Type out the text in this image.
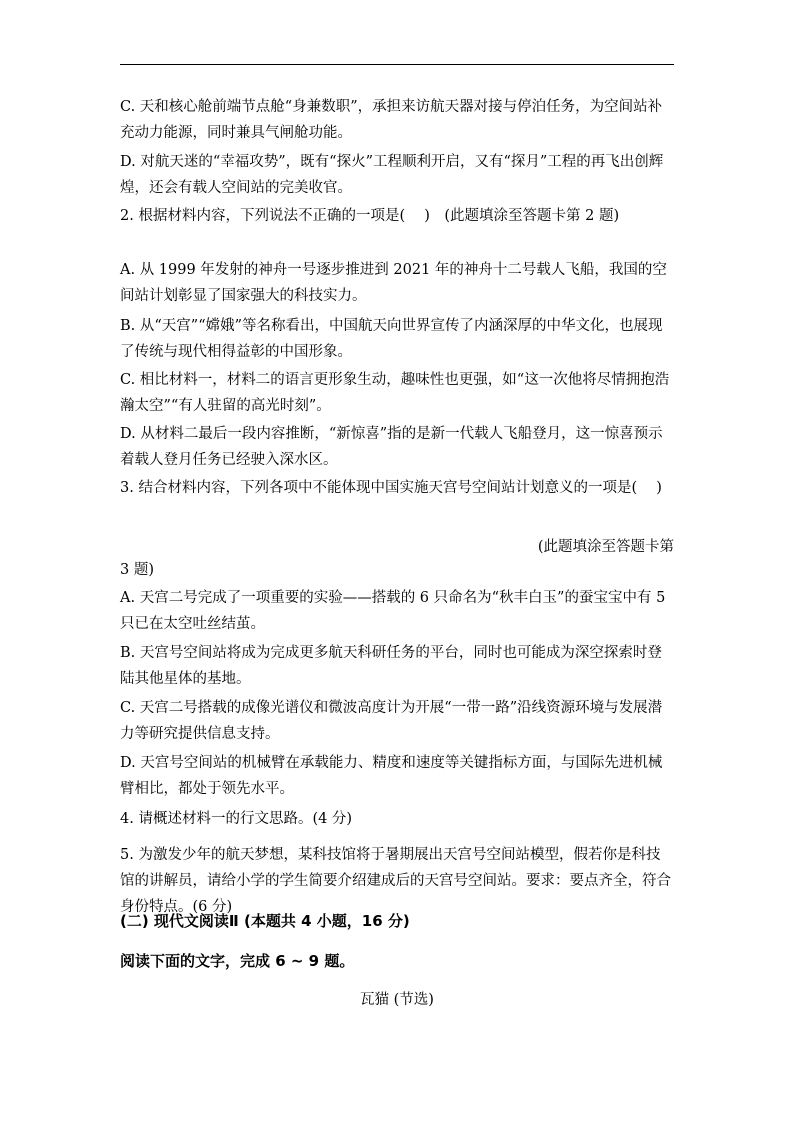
C. 天和核心舱前端节点舱“身兼数职”，承担来访航天器对接与停泊任务，为空间站补充动力能源，同时兼具气闸舱功能。

D. 对航天迷的“幸福攻势”，既有“探火”工程顺利开启，又有“探月”工程的再飞出创辉煌，还会有载人空间站的完美收官。

2. 根据材料内容，下列说法不正确的一项是(　 )　(此题填涂至答题卡第 2 题)

A. 从 1999 年发射的神舟一号逐步推进到 2021 年的神舟十二号载人飞船，我国的空间站计划彰显了国家强大的科技实力。

B. 从“天宫”“嫦娥”等名称看出，中国航天向世界宣传了内涵深厚的中华文化，也展现了传统与现代相得益彰的中国形象。

C. 相比材料一，材料二的语言更形象生动，趣味性也更强，如“这一次他将尽情拥抱浩瀚太空”“有人驻留的高光时刻”。

D. 从材料二最后一段内容推断，“新惊喜”指的是新一代载人飞船登月，这一惊喜预示着载人登月任务已经驶入深水区。

3. 结合材料内容，下列各项中不能体现中国实施天宫号空间站计划意义的一项是(　 )

(此题填涂至答题卡第

3 题)

A. 天宫二号完成了一项重要的实验——搭载的 6 只命名为“秋丰白玉”的蚕宝宝中有 5 只已在太空吐丝结茧。

B. 天宫号空间站将成为完成更多航天科研任务的平台，同时也可能成为深空探索时登陆其他星体的基地。

C. 天宫二号搭载的成像光谱仪和微波高度计为开展“一带一路”沿线资源环境与发展潜力等研究提供信息支持。

D. 天宫号空间站的机械臂在承载能力、精度和速度等关键指标方面，与国际先进机械臂相比，都处于领先水平。

4. 请概述材料一的行文思路。(4 分)

5. 为激发少年的航天梦想，某科技馆将于暑期展出天宫号空间站模型，假若你是科技馆的讲解员，请给小学的学生简要介绍建成后的天宫号空间站。要求：要点齐全，符合身份特点。(6 分)

(二) 现代文阅读Ⅱ (本题共 4 小题，16 分)

阅读下面的文字，完成 6 ~ 9 题。

瓦猫 (节选)
